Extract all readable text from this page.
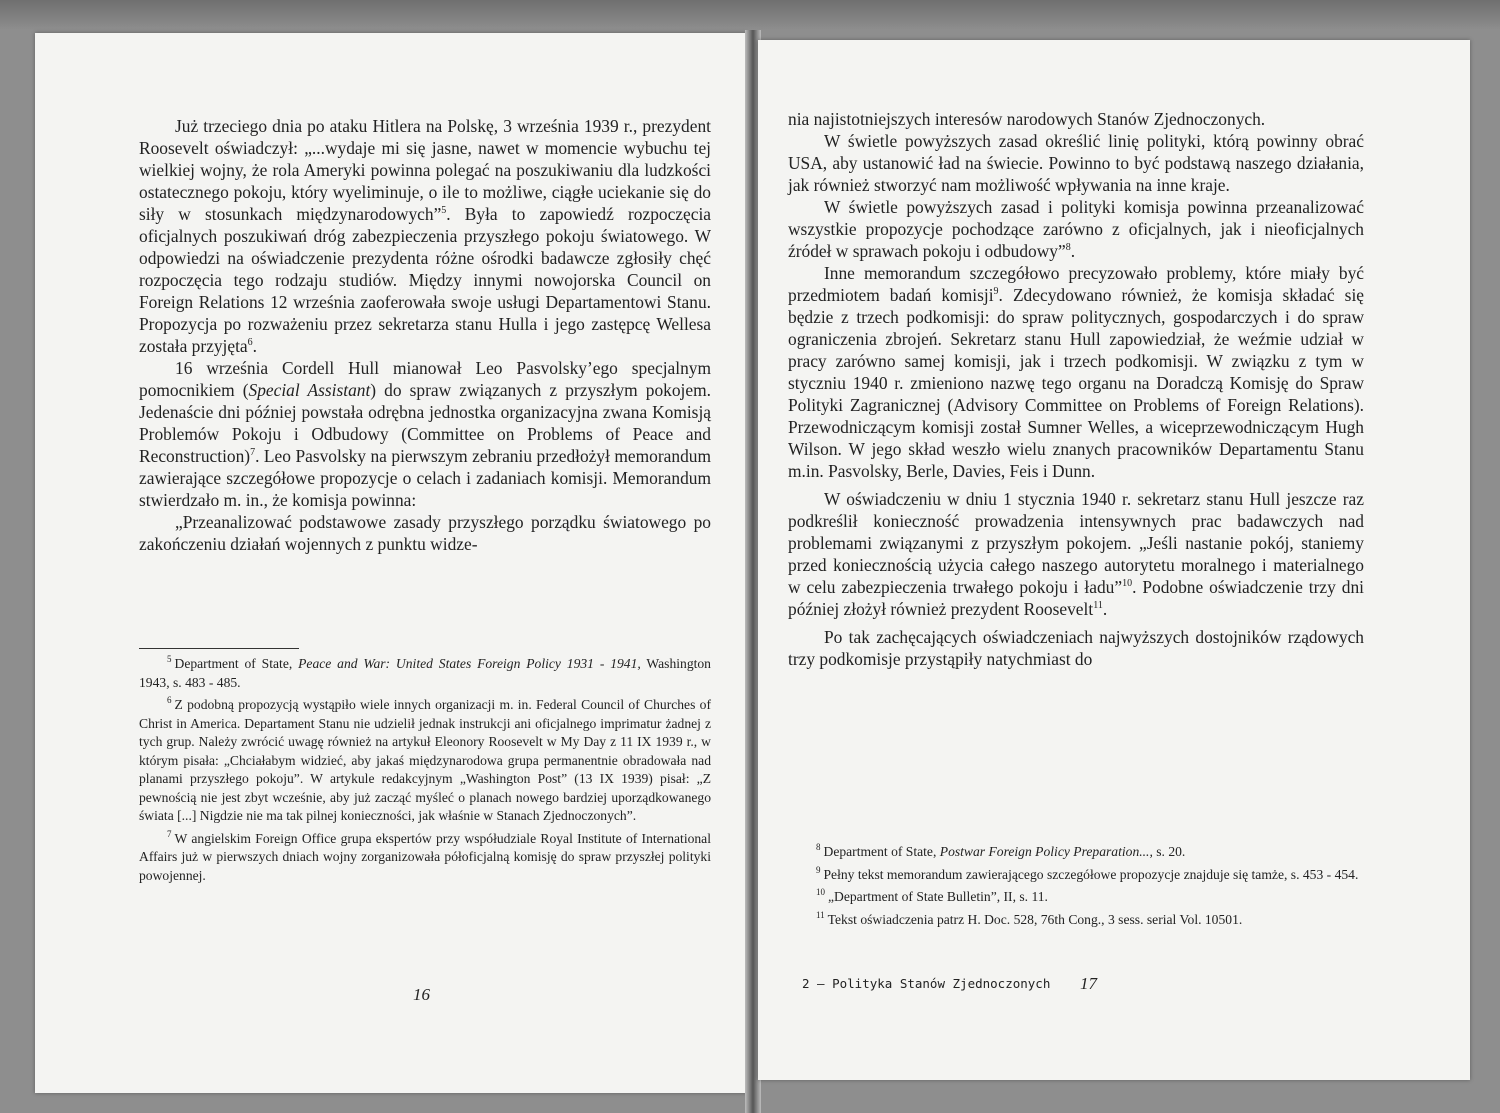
Już trzeciego dnia po ataku Hitlera na Polskę, 3 września 1939 r., prezydent Roosevelt oświadczył: „...wydaje mi się jasne, nawet w momencie wybuchu tej wielkiej wojny, że rola Ameryki powinna polegać na poszukiwaniu dla ludzkości ostatecznego pokoju, który wyeliminuje, o ile to możliwe, ciągłe uciekanie się do siły w stosunkach międzynarodowych”$^5$. Była to zapowiedź rozpoczęcia oficjalnych poszukiwań dróg zabezpieczenia przyszłego pokoju światowego. W odpowiedzi na oświadczenie prezydenta różne ośrodki badawcze zgłosiły chęć rozpoczęcia tego rodzaju studiów. Między innymi nowojorska Council on Foreign Relations 12 września zaoferowała swoje usługi Departamentowi Stanu. Propozycja po rozważeniu przez sekretarza stanu Hulla i jego zastępcę Wellesa została przyjęta$^6$.

16 września Cordell Hull mianował Leo Pasvolsky’ego specjalnym pomocnikiem (Special Assistant) do spraw związanych z przyszłym pokojem. Jedenaście dni później powstała odrębna jednostka organizacyjna zwana Komisją Problemów Pokoju i Odbudowy (Committee on Problems of Peace and Reconstruction)$^7$. Leo Pasvolsky na pierwszym zebraniu przedłożył memorandum zawierające szczegółowe propozycje o celach i zadaniach komisji. Memorandum stwierdzało m. in., że komisja powinna:

„Przeanalizować podstawowe zasady przyszłego porządku światowego po zakończeniu działań wojennych z punktu widze-

$^5$ Department of State, Peace and War: United States Foreign Policy 1931 - 1941, Washington 1943, s. 483 - 485.

$^6$ Z podobną propozycją wystąpiło wiele innych organizacji m. in. Federal Council of Churches of Christ in America. Departament Stanu nie udzielił jednak instrukcji ani oficjalnego imprimatur żadnej z tych grup. Należy zwrócić uwagę również na artykuł Eleonory Roosevelt w My Day z 11 IX 1939 r., w którym pisała: „Chciałabym widzieć, aby jakaś międzynarodowa grupa permanentnie obradowała nad planami przyszłego pokoju”. W artykule redakcyjnym „Washington Post” (13 IX 1939) pisał: „Z pewnością nie jest zbyt wcześnie, aby już zacząć myśleć o planach nowego bardziej uporządkowanego świata [...] Nigdzie nie ma tak pilnej konieczności, jak właśnie w Stanach Zjednoczonych”.

$^7$ W angielskim Foreign Office grupa ekspertów przy współudziale Royal Institute of International Affairs już w pierwszych dniach wojny zorganizowała półoficjalną komisję do spraw przyszłej polityki powojennej.

16

nia najistotniejszych interesów narodowych Stanów Zjednoczonych.

W świetle powyższych zasad określić linię polityki, którą powinny obrać USA, aby ustanowić ład na świecie. Powinno to być podstawą naszego działania, jak również stworzyć nam możliwość wpływania na inne kraje.

W świetle powyższych zasad i polityki komisja powinna przeanalizować wszystkie propozycje pochodzące zarówno z oficjalnych, jak i nieoficjalnych źródeł w sprawach pokoju i odbudowy”$^8$.

Inne memorandum szczegółowo precyzowało problemy, które miały być przedmiotem badań komisji$^9$. Zdecydowano również, że komisja składać się będzie z trzech podkomisji: do spraw politycznych, gospodarczych i do spraw ograniczenia zbrojeń. Sekretarz stanu Hull zapowiedział, że weźmie udział w pracy zarówno samej komisji, jak i trzech podkomisji. W związku z tym w styczniu 1940 r. zmieniono nazwę tego organu na Doradczą Komisję do Spraw Polityki Zagranicznej (Advisory Committee on Problems of Foreign Relations). Przewodniczącym komisji został Sumner Welles, a wiceprzewodniczącym Hugh Wilson. W jego skład weszło wielu znanych pracowników Departamentu Stanu m.in. Pasvolsky, Berle, Davies, Feis i Dunn.

W oświadczeniu w dniu 1 stycznia 1940 r. sekretarz stanu Hull jeszcze raz podkreślił konieczność prowadzenia intensywnych prac badawczych nad problemami związanymi z przyszłym pokojem. „Jeśli nastanie pokój, staniemy przed koniecznością użycia całego naszego autorytetu moralnego i materialnego w celu zabezpieczenia trwałego pokoju i ładu”$^{10}$. Podobne oświadczenie trzy dni później złożył również prezydent Roosevelt$^{11}$.

Po tak zachęcających oświadczeniach najwyższych dostojników rządowych trzy podkomisje przystąpiły natychmiast do

$^8$ Department of State, Postwar Foreign Policy Preparation..., s. 20.

$^9$ Pełny tekst memorandum zawierającego szczegółowe propozycje znajduje się tamże, s. 453 - 454.

$^{10}$ „Department of State Bulletin”, II, s. 11.

$^{11}$ Tekst oświadczenia patrz H. Doc. 528, 76th Cong., 3 sess. serial Vol. 10501.

2 — Polityka Stanów Zjednoczonych 17
